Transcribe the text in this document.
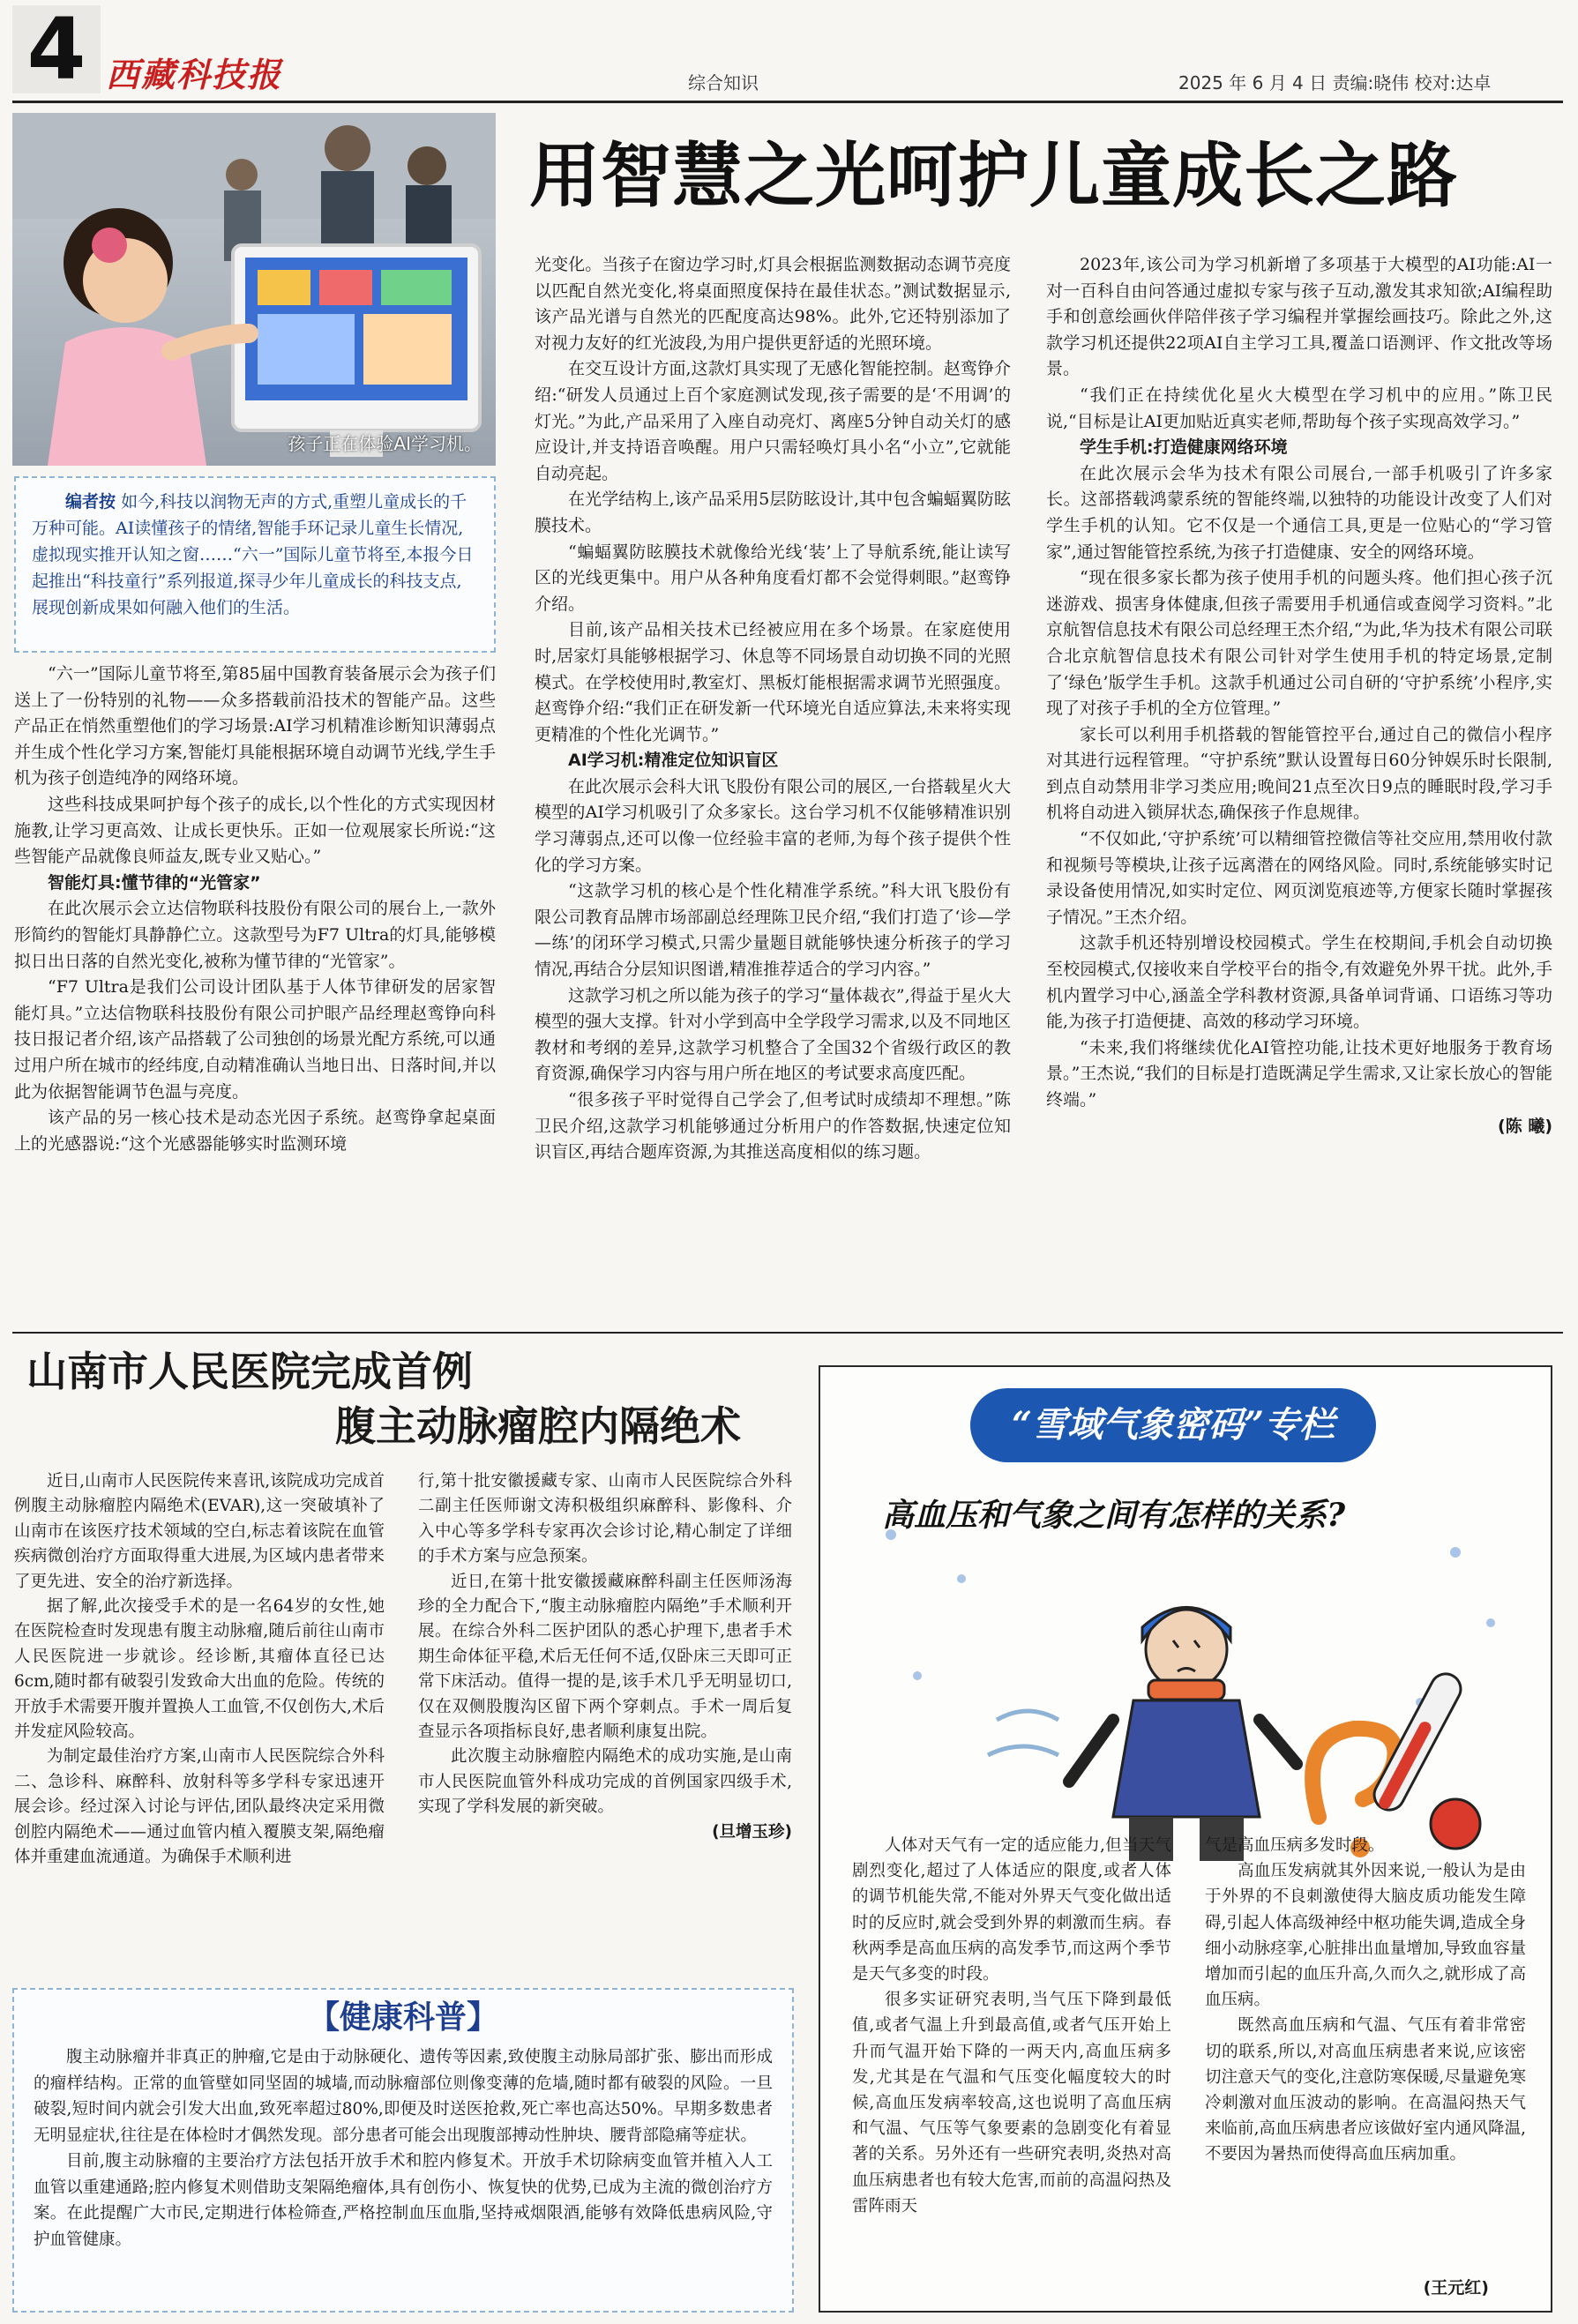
4 西藏科技报	综合知识	2025 年 6 月 4 日 责编:晓伟 校对:达卓
孩子正在体验AI学习机。
用智慧之光呵护儿童成长之路

编者按 如今,科技以润物无声的方式,重塑儿童成长的千万种可能。AI读懂孩子的情绪,智能手环记录儿童生长情况,虚拟现实推开认知之窗……“六一”国际儿童节将至,本报今日起推出“科技童行”系列报道,探寻少年儿童成长的科技支点,展现创新成果如何融入他们的生活。

“六一”国际儿童节将至,第85届中国教育装备展示会为孩子们送上了一份特别的礼物——众多搭载前沿技术的智能产品。这些产品正在悄然重塑他们的学习场景:AI学习机精准诊断知识薄弱点并生成个性化学习方案,智能灯具能根据环境自动调节光线,学生手机为孩子创造纯净的网络环境。

这些科技成果呵护每个孩子的成长,以个性化的方式实现因材施教,让学习更高效、让成长更快乐。正如一位观展家长所说:“这些智能产品就像良师益友,既专业又贴心。”

智能灯具:懂节律的“光管家”

在此次展示会立达信物联科技股份有限公司的展台上,一款外形简约的智能灯具静静伫立。这款型号为F7 Ultra的灯具,能够模拟日出日落的自然光变化,被称为懂节律的“光管家”。

“F7 Ultra是我们公司设计团队基于人体节律研发的居家智能灯具。”立达信物联科技股份有限公司护眼产品经理赵鸾铮向科技日报记者介绍,该产品搭载了公司独创的场景光配方系统,可以通过用户所在城市的经纬度,自动精准确认当地日出、日落时间,并以此为依据智能调节色温与亮度。

该产品的另一核心技术是动态光因子系统。赵鸾铮拿起桌面上的光感器说:“这个光感器能够实时监测环境

光变化。当孩子在窗边学习时,灯具会根据监测数据动态调节亮度以匹配自然光变化,将桌面照度保持在最佳状态。”测试数据显示,该产品光谱与自然光的匹配度高达98%。此外,它还特别添加了对视力友好的红光波段,为用户提供更舒适的光照环境。

在交互设计方面,这款灯具实现了无感化智能控制。赵鸾铮介绍:“研发人员通过上百个家庭测试发现,孩子需要的是‘不用调’的灯光。”为此,产品采用了入座自动亮灯、离座5分钟自动关灯的感应设计,并支持语音唤醒。用户只需轻唤灯具小名“小立”,它就能自动亮起。

在光学结构上,该产品采用5层防眩设计,其中包含蝙蝠翼防眩膜技术。

“蝙蝠翼防眩膜技术就像给光线‘装’上了导航系统,能让读写区的光线更集中。用户从各种角度看灯都不会觉得刺眼。”赵鸾铮介绍。

目前,该产品相关技术已经被应用在多个场景。在家庭使用时,居家灯具能够根据学习、休息等不同场景自动切换不同的光照模式。在学校使用时,教室灯、黑板灯能根据需求调节光照强度。赵鸾铮介绍:“我们正在研发新一代环境光自适应算法,未来将实现更精准的个性化光调节。”

AI学习机:精准定位知识盲区

在此次展示会科大讯飞股份有限公司的展区,一台搭载星火大模型的AI学习机吸引了众多家长。这台学习机不仅能够精准识别学习薄弱点,还可以像一位经验丰富的老师,为每个孩子提供个性化的学习方案。

“这款学习机的核心是个性化精准学系统。”科大讯飞股份有限公司教育品牌市场部副总经理陈卫民介绍,“我们打造了‘诊—学—练’的闭环学习模式,只需少量题目就能够快速分析孩子的学习情况,再结合分层知识图谱,精准推荐适合的学习内容。”

这款学习机之所以能为孩子的学习“量体裁衣”,得益于星火大模型的强大支撑。针对小学到高中全学段学习需求,以及不同地区教材和考纲的差异,这款学习机整合了全国32个省级行政区的教育资源,确保学习内容与用户所在地区的考试要求高度匹配。

“很多孩子平时觉得自己学会了,但考试时成绩却不理想。”陈卫民介绍,这款学习机能够通过分析用户的作答数据,快速定位知识盲区,再结合题库资源,为其推送高度相似的练习题。

2023年,该公司为学习机新增了多项基于大模型的AI功能:AI一对一百科自由问答通过虚拟专家与孩子互动,激发其求知欲;AI编程助手和创意绘画伙伴陪伴孩子学习编程并掌握绘画技巧。除此之外,这款学习机还提供22项AI自主学习工具,覆盖口语测评、作文批改等场景。

“我们正在持续优化星火大模型在学习机中的应用。”陈卫民说,“目标是让AI更加贴近真实老师,帮助每个孩子实现高效学习。”

学生手机:打造健康网络环境

在此次展示会华为技术有限公司展台,一部手机吸引了许多家长。这部搭载鸿蒙系统的智能终端,以独特的功能设计改变了人们对学生手机的认知。它不仅是一个通信工具,更是一位贴心的“学习管家”,通过智能管控系统,为孩子打造健康、安全的网络环境。

“现在很多家长都为孩子使用手机的问题头疼。他们担心孩子沉迷游戏、损害身体健康,但孩子需要用手机通信或查阅学习资料。”北京航智信息技术有限公司总经理王杰介绍,“为此,华为技术有限公司联合北京航智信息技术有限公司针对学生使用手机的特定场景,定制了‘绿色’版学生手机。这款手机通过公司自研的‘守护系统’小程序,实现了对孩子手机的全方位管理。”

家长可以利用手机搭载的智能管控平台,通过自己的微信小程序对其进行远程管理。“守护系统”默认设置每日60分钟娱乐时长限制,到点自动禁用非学习类应用;晚间21点至次日9点的睡眠时段,学习手机将自动进入锁屏状态,确保孩子作息规律。

“不仅如此,‘守护系统’可以精细管控微信等社交应用,禁用收付款和视频号等模块,让孩子远离潜在的网络风险。同时,系统能够实时记录设备使用情况,如实时定位、网页浏览痕迹等,方便家长随时掌握孩子情况。”王杰介绍。

这款手机还特别增设校园模式。学生在校期间,手机会自动切换至校园模式,仅接收来自学校平台的指令,有效避免外界干扰。此外,手机内置学习中心,涵盖全学科教材资源,具备单词背诵、口语练习等功能,为孩子打造便捷、高效的移动学习环境。

“未来,我们将继续优化AI管控功能,让技术更好地服务于教育场景。”王杰说,“我们的目标是打造既满足学生需求,又让家长放心的智能终端。”

(陈 曦)

山南市人民医院完成首例
腹主动脉瘤腔内隔绝术

近日,山南市人民医院传来喜讯,该院成功完成首例腹主动脉瘤腔内隔绝术(EVAR),这一突破填补了山南市在该医疗技术领域的空白,标志着该院在血管疾病微创治疗方面取得重大进展,为区域内患者带来了更先进、安全的治疗新选择。

据了解,此次接受手术的是一名64岁的女性,她在医院检查时发现患有腹主动脉瘤,随后前往山南市人民医院进一步就诊。经诊断,其瘤体直径已达6cm,随时都有破裂引发致命大出血的危险。传统的开放手术需要开腹并置换人工血管,不仅创伤大,术后并发症风险较高。

为制定最佳治疗方案,山南市人民医院综合外科二、急诊科、麻醉科、放射科等多学科专家迅速开展会诊。经过深入讨论与评估,团队最终决定采用微创腔内隔绝术——通过血管内植入覆膜支架,隔绝瘤体并重建血流通道。为确保手术顺利进

行,第十批安徽援藏专家、山南市人民医院综合外科二副主任医师谢文涛积极组织麻醉科、影像科、介入中心等多学科专家再次会诊讨论,精心制定了详细的手术方案与应急预案。

近日,在第十批安徽援藏麻醉科副主任医师汤海珍的全力配合下,“腹主动脉瘤腔内隔绝”手术顺利开展。在综合外科二医护团队的悉心护理下,患者手术期生命体征平稳,术后无任何不适,仅卧床三天即可正常下床活动。值得一提的是,该手术几乎无明显切口,仅在双侧股腹沟区留下两个穿刺点。手术一周后复查显示各项指标良好,患者顺利康复出院。

此次腹主动脉瘤腔内隔绝术的成功实施,是山南市人民医院血管外科成功完成的首例国家四级手术,实现了学科发展的新突破。

(旦增玉珍)

【健康科普】

腹主动脉瘤并非真正的肿瘤,它是由于动脉硬化、遗传等因素,致使腹主动脉局部扩张、膨出而形成的瘤样结构。正常的血管壁如同坚固的城墙,而动脉瘤部位则像变薄的危墙,随时都有破裂的风险。一旦破裂,短时间内就会引发大出血,致死率超过80%,即便及时送医抢救,死亡率也高达50%。早期多数患者无明显症状,往往是在体检时才偶然发现。部分患者可能会出现腹部搏动性肿块、腰背部隐痛等症状。

目前,腹主动脉瘤的主要治疗方法包括开放手术和腔内修复术。开放手术切除病变血管并植入人工血管以重建通路;腔内修复术则借助支架隔绝瘤体,具有创伤小、恢复快的优势,已成为主流的微创治疗方案。在此提醒广大市民,定期进行体检筛查,严格控制血压血脂,坚持戒烟限酒,能够有效降低患病风险,守护血管健康。

“雪域气象密码”专栏
高血压和气象之间有怎样的关系?

人体对天气有一定的适应能力,但当天气剧烈变化,超过了人体适应的限度,或者人体的调节机能失常,不能对外界天气变化做出适时的反应时,就会受到外界的刺激而生病。春秋两季是高血压病的高发季节,而这两个季节是天气多变的时段。

很多实证研究表明,当气压下降到最低值,或者气温上升到最高值,或者气压开始上升而气温开始下降的一两天内,高血压病多发,尤其是在气温和气压变化幅度较大的时候,高血压发病率较高,这也说明了高血压病和气温、气压等气象要素的急剧变化有着显著的关系。另外还有一些研究表明,炎热对高血压病患者也有较大危害,而前的高温闷热及雷阵雨天

气是高血压病多发时段。

高血压发病就其外因来说,一般认为是由于外界的不良刺激使得大脑皮质功能发生障碍,引起人体高级神经中枢功能失调,造成全身细小动脉痉挛,心脏排出血量增加,导致血容量增加而引起的血压升高,久而久之,就形成了高血压病。

既然高血压病和气温、气压有着非常密切的联系,所以,对高血压病患者来说,应该密切注意天气的变化,注意防寒保暖,尽量避免寒冷刺激对血压波动的影响。在高温闷热天气来临前,高血压病患者应该做好室内通风降温,不要因为暑热而使得高血压病加重。

(王元红)
